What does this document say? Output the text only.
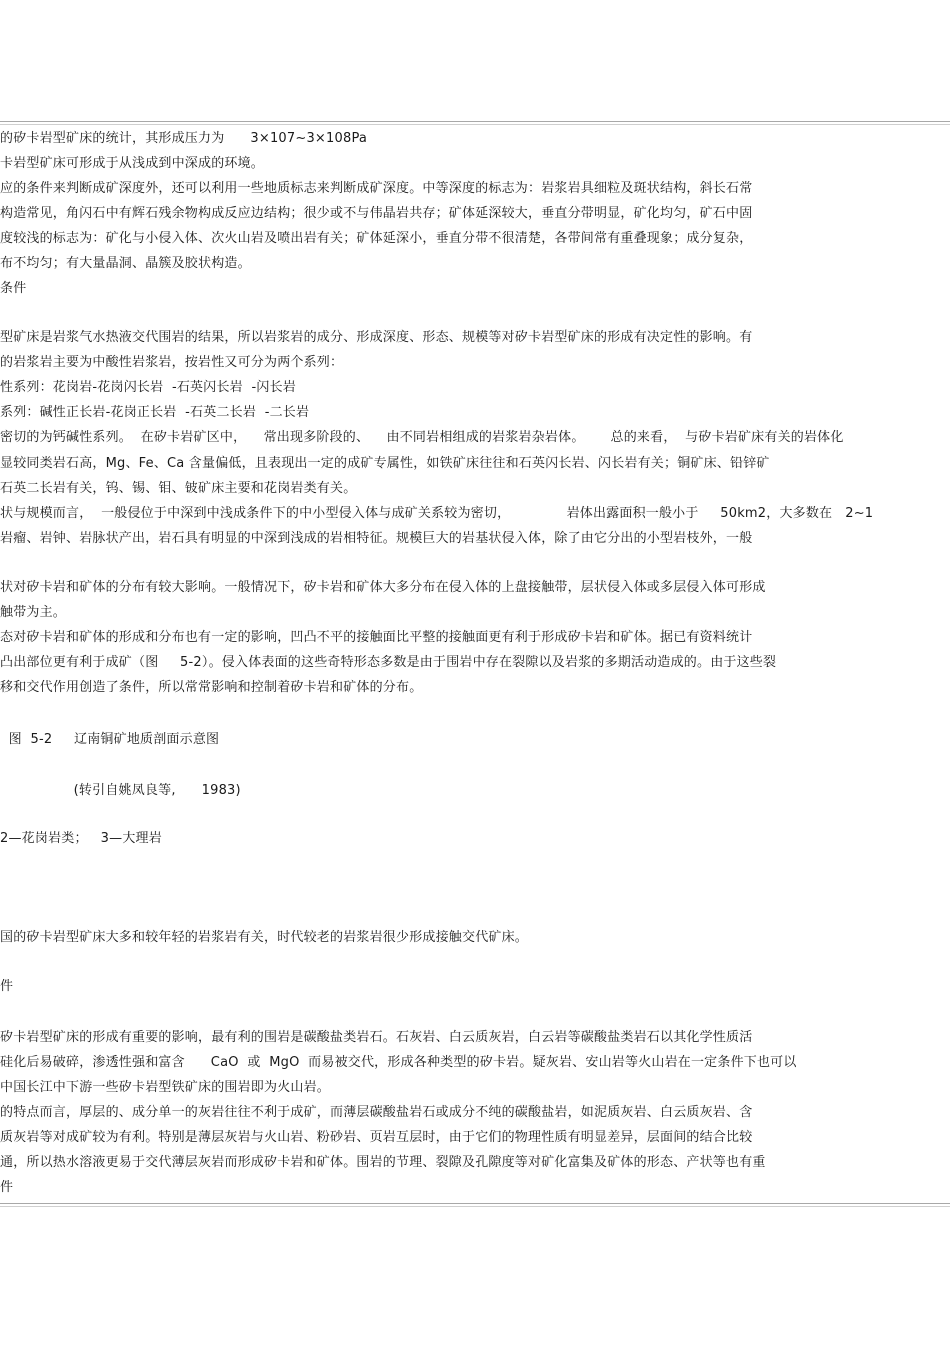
的矽卡岩型矿床的统计，其形成压力为      3×107~3×108Pa
卡岩型矿床可形成于从浅成到中深成的环境。
应的条件来判断成矿深度外，还可以利用一些地质标志来判断成矿深度。中等深度的标志为：岩浆岩具细粒及斑状结构，斜长石常
构造常见，角闪石中有辉石残余物构成反应边结构；很少或不与伟晶岩共存；矿体延深较大，垂直分带明显，矿化均匀，矿石中固
度较浅的标志为：矿化与小侵入体、次火山岩及喷出岩有关；矿体延深小，垂直分带不很清楚，各带间常有重叠现象；成分复杂，
布不均匀；有大量晶洞、晶簇及胶状构造。
条件
型矿床是岩浆气水热液交代围岩的结果，所以岩浆岩的成分、形成深度、形态、规模等对矽卡岩型矿床的形成有决定性的影响。有
的岩浆岩主要为中酸性岩浆岩，按岩性又可分为两个系列：
性系列：花岗岩-花岗闪长岩  -石英闪长岩  -闪长岩
系列：碱性正长岩-花岗正长岩  -石英二长岩  -二长岩
密切的为钙碱性系列。  在矽卡岩矿区中，    常出现多阶段的、    由不同岩相组成的岩浆岩杂岩体。      总的来看，  与矽卡岩矿床有关的岩体化
显较同类岩石高，Mg、Fe、Ca 含量偏低，且表现出一定的成矿专属性，如铁矿床往往和石英闪长岩、闪长岩有关；铜矿床、铅锌矿
石英二长岩有关，钨、锡、钼、铍矿床主要和花岗岩类有关。
状与规模而言，  一般侵位于中深到中浅成条件下的中小型侵入体与成矿关系较为密切，             岩体出露面积一般小于     50km2，大多数在   2~1
岩瘤、岩钟、岩脉状产出，岩石具有明显的中深到浅成的岩相特征。规模巨大的岩基状侵入体，除了由它分出的小型岩枝外，一般
状对矽卡岩和矿体的分布有较大影响。一般情况下，矽卡岩和矿体大多分布在侵入体的上盘接触带，层状侵入体或多层侵入体可形成
触带为主。
态对矽卡岩和矿体的形成和分布也有一定的影响，凹凸不平的接触面比平整的接触面更有利于形成矽卡岩和矿体。据已有资料统计
凸出部位更有利于成矿（图     5-2）。侵入体表面的这些奇特形态多数是由于围岩中存在裂隙以及岩浆的多期活动造成的。由于这些裂
移和交代作用创造了条件，所以常常影响和控制着矽卡岩和矿体的分布。
图  5-2     辽南铜矿地质剖面示意图
(转引自姚凤良等,      1983)
2—花岗岩类；   3—大理岩
国的矽卡岩型矿床大多和较年轻的岩浆岩有关，时代较老的岩浆岩很少形成接触交代矿床。
件
矽卡岩型矿床的形成有重要的影响，最有利的围岩是碳酸盐类岩石。石灰岩、白云质灰岩，白云岩等碳酸盐类岩石以其化学性质活
硅化后易破碎，渗透性强和富含      CaO  或  MgO  而易被交代，形成各种类型的矽卡岩。疑灰岩、安山岩等火山岩在一定条件下也可以
中国长江中下游一些矽卡岩型铁矿床的围岩即为火山岩。
的特点而言，厚层的、成分单一的灰岩往往不利于成矿，而薄层碳酸盐岩石或成分不纯的碳酸盐岩，如泥质灰岩、白云质灰岩、含
质灰岩等对成矿较为有利。特别是薄层灰岩与火山岩、粉砂岩、页岩互层时，由于它们的物理性质有明显差异，层面间的结合比较
通，所以热水溶液更易于交代薄层灰岩而形成矽卡岩和矿体。围岩的节理、裂隙及孔隙度等对矿化富集及矿体的形态、产状等也有重
件
